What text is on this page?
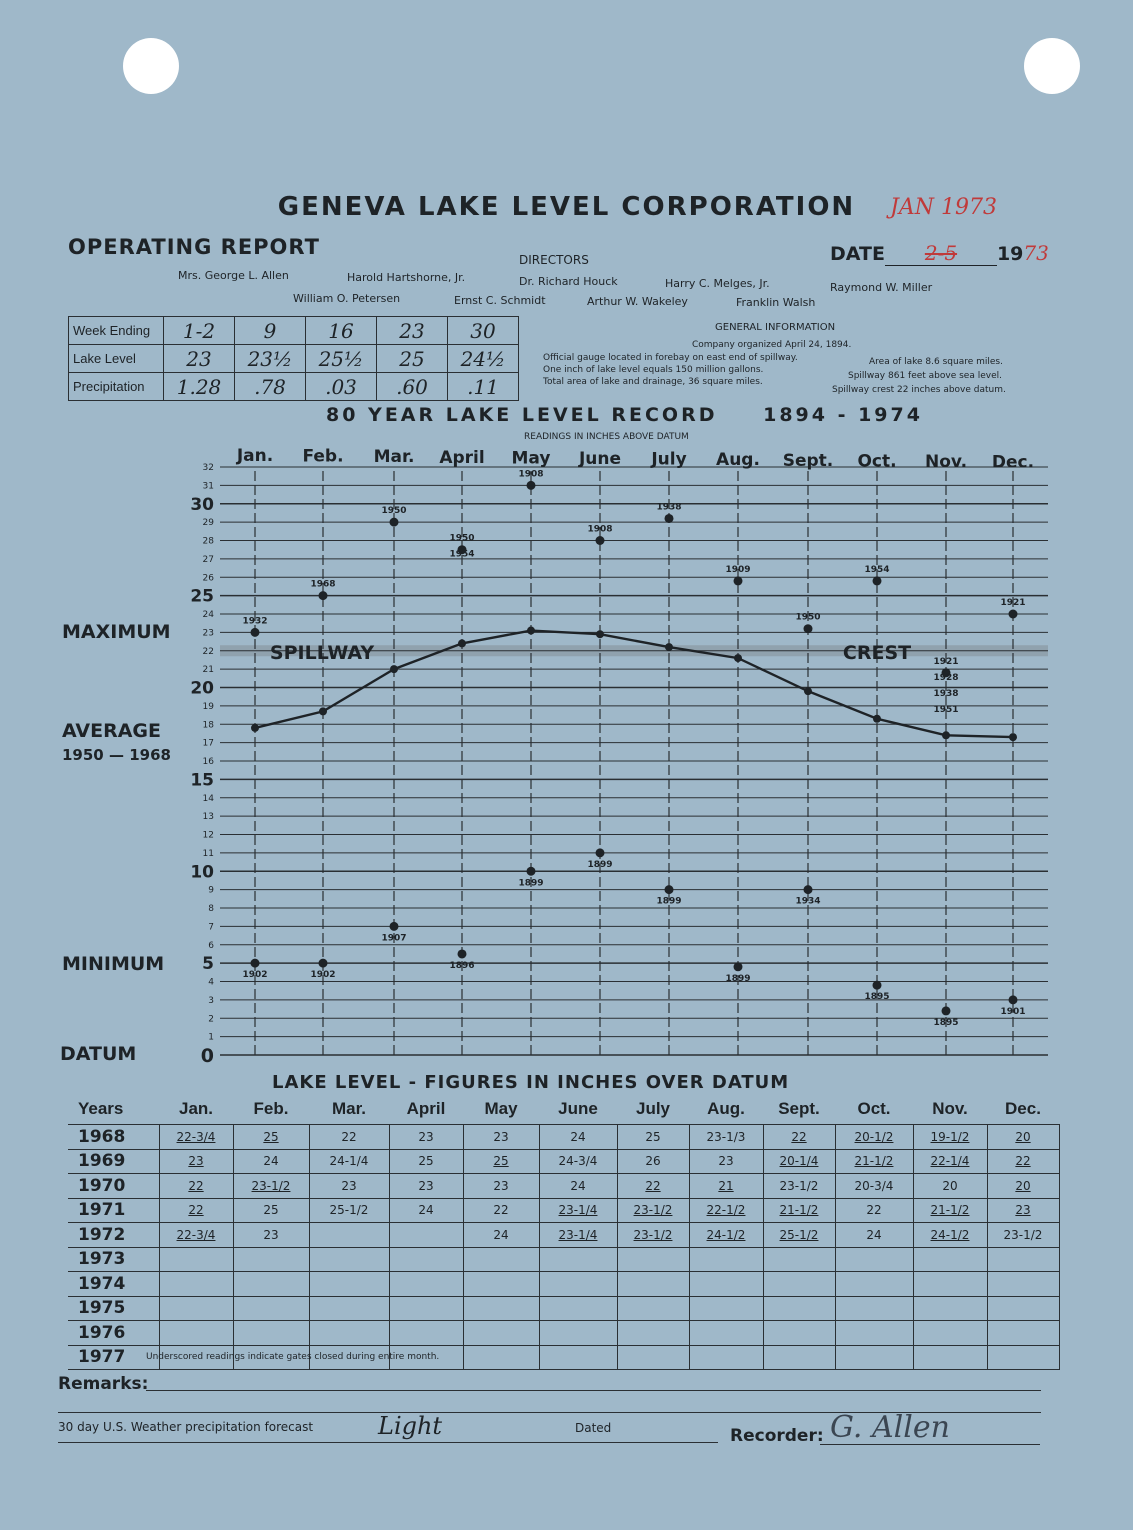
GENEVA LAKE LEVEL CORPORATION	JAN 1973
OPERATING REPORT	DATE 2-5 1973
DIRECTORS
Mrs. George L. Allen	Harold Hartshorne, Jr.	Dr. Richard Houck	Harry C. Melges, Jr.	Raymond W. Miller
William O. Petersen	Ernst C. Schmidt	Arthur W. Wakeley	Franklin Walsh
Week Ending	1-2	9	16	23	30
Lake Level	23	23½	25½	25	24½
Precipitation	1.28	.78	.03	.60	.11
GENERAL INFORMATION
Company organized April 24, 1894.
Official gauge located in forebay on east end of spillway.
One inch of lake level equals 150 million gallons.
Total area of lake and drainage, 36 square miles.
Area of lake 8.6 square miles.
Spillway 861 feet above sea level.
Spillway crest 22 inches above datum.
80 YEAR LAKE LEVEL RECORD 1894 - 1974
READINGS IN INCHES ABOVE DATUM
MAXIMUM
AVERAGE
1950 — 1968
MINIMUM
DATUM
1
2
3
4
5
6
7
8
9
10
11
12
13
14
15
16
17
18
19
20
21
22
23
24
25
26
27
28
29
30
31
32
0
Jan. Feb. Mar. April May June July Aug. Sept. Oct. Nov. Dec.
SPILLWAY	CREST
1932
1968
1950
1950
1954
1908
1908
1938
1909
1950
1954
1921
1928
1938
1951
1921
1902	1902
1907
1896
1899
1899
1899
1899
1934
1895
1895
1901
LAKE LEVEL - FIGURES IN INCHES OVER DATUM
Years	Jan.	Feb.	Mar.	April	May	June	July	Aug.	Sept.	Oct.	Nov.	Dec.
1968	22-3/4	25	22	23	23	24	25	23-1/3	22	20-1/2	19-1/2	20
1969	23	24	24-1/4	25	25	24-3/4	26	23	20-1/4	21-1/2	22-1/4	22
1970	22	23-1/2	23	23	23	24	22	21	23-1/2	20-3/4	20	20
1971	22	25	25-1/2	24	22	23-1/4	23-1/2	22-1/2	21-1/2	22	21-1/2	23
1972	22-3/4	23			24	23-1/4	23-1/2	24-1/2	25-1/2	24	24-1/2	23-1/2
1973												
1974												
1975												
1976												
1977												Underscored readings indicate gates closed during entire month.
Remarks:
30 day U.S. Weather precipitation forecast	Light	Dated	Recorder: G. Allen
